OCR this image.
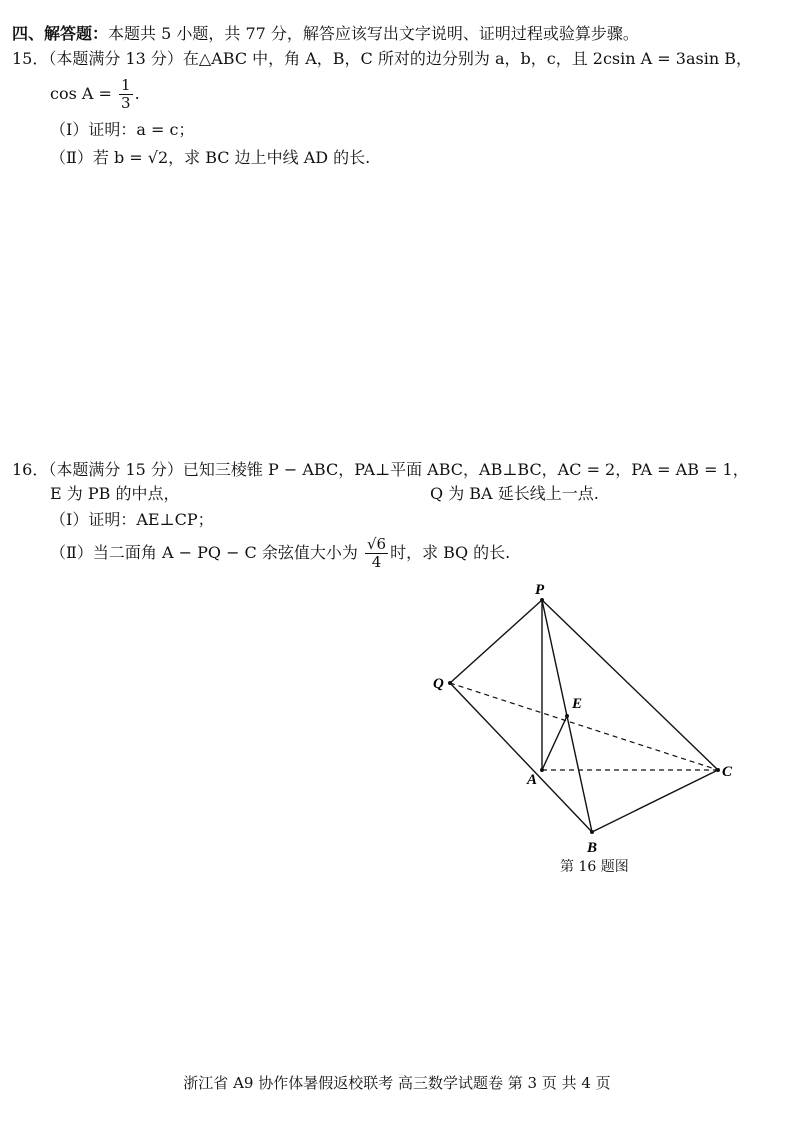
四、解答题：本题共 5 小题，共 77 分，解答应该写出文字说明、证明过程或验算步骤。
15．（本题满分 13 分）在△ABC 中，角 A，B，C 所对的边分别为 a，b，c，且 2csin A = 3asin B，
$\cos A = \frac{1}{3}$ .
（Ⅰ）证明：a = c；
（Ⅱ）若 b = √2，求 BC 边上中线 AD 的长.
16．（本题满分 15 分）已知三棱锥 P − ABC，PA⊥平面 ABC，AB⊥BC，AC = 2，PA = AB = 1，
E 为 PB 的中点，	Q 为 BA 延长线上一点.
（Ⅰ）证明：AE⊥CP；
（Ⅱ）当二面角 A − PQ − C 余弦值大小为 $\frac{√6}{4}$ 时，求 BQ 的长.
P
Q
E
A	C
B
第 16 题图
浙江省 A9 协作体暑假返校联考 高三数学试题卷 第 3 页 共 4 页
